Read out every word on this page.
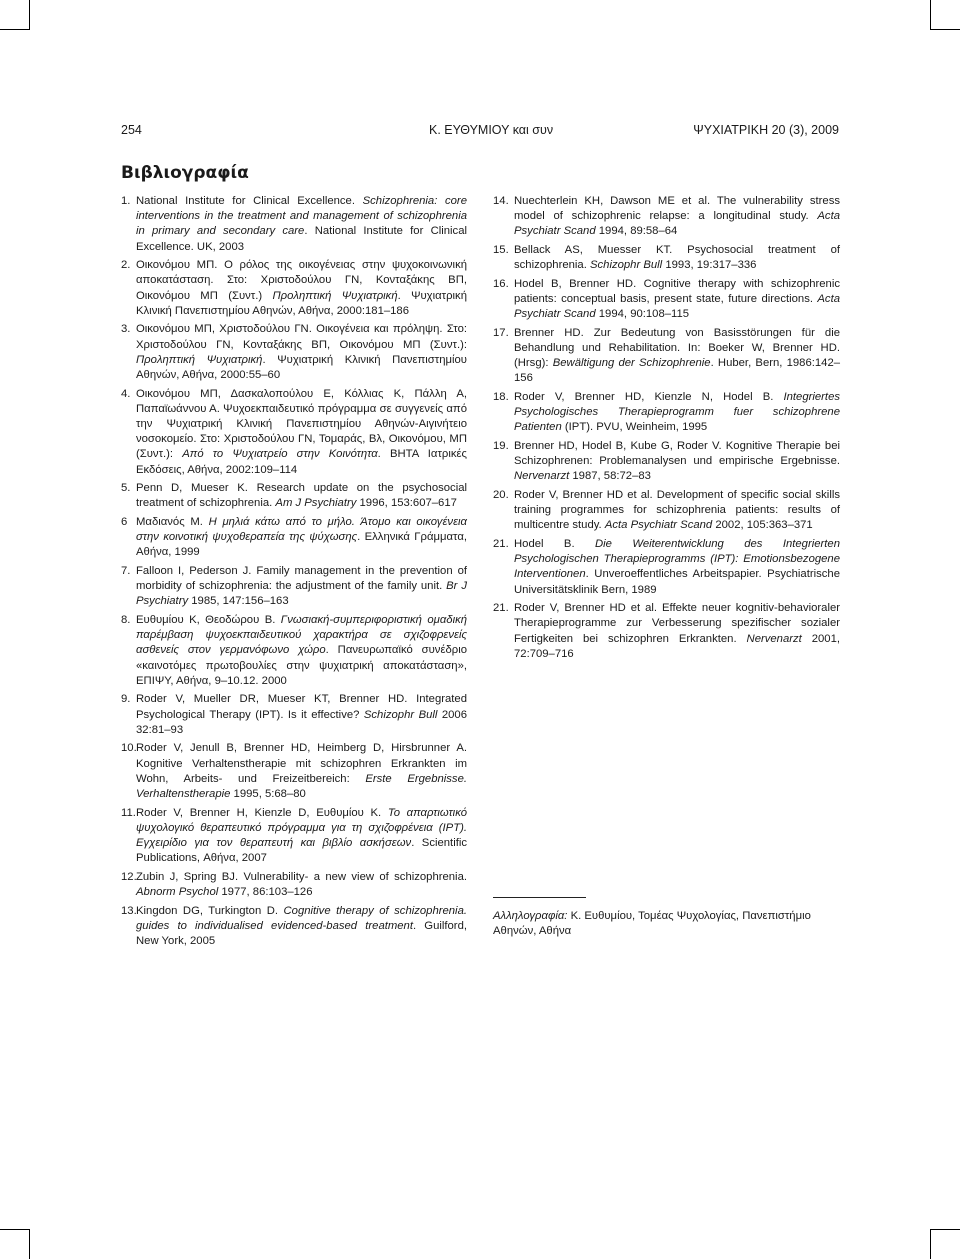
254	Κ. ΕΥΘΥΜΙΟΥ και συν	ΨΥΧΙΑΤΡΙΚΗ 20 (3), 2009
Βιβλιογραφία
1. National Institute for Clinical Excellence. Schizophrenia: core interventions in the treatment and management of schizophrenia in primary and secondary care. National Institute for Clinical Excellence. UK, 2003
2. Οικονόμου ΜΠ. Ο ρόλος της οικογένειας στην ψυχοκοινωνική αποκατάσταση. Στο: Χριστοδούλου ΓΝ, Κονταξάκης ΒΠ, Οικονόμου ΜΠ (Συντ.) Προληπτική Ψυχιατρική. Ψυχιατρική Κλινική Πανεπιστημίου Αθηνών, Αθήνα, 2000:181–186
3. Οικονόμου ΜΠ, Χριστοδούλου ΓΝ. Οικογένεια και πρόληψη. Στο: Χριστοδούλου ΓΝ, Κονταξάκης ΒΠ, Οικονόμου ΜΠ (Συντ.): Προληπτική Ψυχιατρική. Ψυχιατρική Κλινική Πανεπιστημίου Αθηνών, Αθήνα, 2000:55–60
4. Οικονόμου ΜΠ, Δασκαλοπούλου Ε, Κόλλιας Κ, Πάλλη Α, Παπαϊωάννου Α. Ψυχοεκπαιδευτικό πρόγραμμα σε συγγενείς από την Ψυχιατρική Κλινική Πανεπιστημίου Αθηνών-Αιγινήτειο νοσοκομείο. Στο: Χριστοδούλου ΓΝ, Τομαράς, Βλ, Οικονόμου, ΜΠ (Συντ.): Από το Ψυχιατρείο στην Κοινότητα. ΒΗΤΑ Ιατρικές Εκδόσεις, Αθήνα, 2002:109–114
5. Penn D, Mueser K. Research update on the psychosocial treatment of schizophrenia. Am J Psychiatry 1996, 153:607–617
6 Μαδιανός Μ. Η μηλιά κάτω από το μήλο. Άτομο και οικογένεια στην κοινοτική ψυχοθεραπεία της ψύχωσης. Ελληνικά Γράμματα, Αθήνα, 1999
7. Falloon I, Pederson J. Family management in the prevention of morbidity of schizophrenia: the adjustment of the family unit. Br J Psychiatry 1985, 147:156–163
8. Ευθυμίου Κ, Θεοδώρου Β. Γνωσιακή-συμπεριφοριστική ομαδική παρέμβαση ψυχοεκπαιδευτικού χαρακτήρα σε σχιζοφρενείς ασθενείς στον γερμανόφωνο χώρο. Πανευρωπαϊκό συνέδριο «καινοτόμες πρωτοβουλίες στην ψυχιατρική αποκατάσταση», ΕΠΙΨΥ, Αθήνα, 9–10.12. 2000
9. Roder V, Mueller DR, Mueser KT, Brenner HD. Integrated Psychological Therapy (IPT). Is it effective? Schizophr Bull 2006 32:81–93
10. Roder V, Jenull B, Brenner HD, Heimberg D, Hirsbrunner A. Kognitive Verhaltenstherapie mit schizophren Erkrankten im Wohn, Arbeits- und Freizeitbereich: Erste Ergebnisse. Verhaltenstherapie 1995, 5:68–80
11. Roder V, Brenner H, Kienzle D, Ευθυμίου Κ. Το απαρτιωτικό ψυχολογικό θεραπευτικό πρόγραμμα για τη σχιζοφρένεια (IPT). Εγχειρίδιο για τον θεραπευτή και βιβλίο ασκήσεων. Scientific Publications, Αθήνα, 2007
12. Zubin J, Spring BJ. Vulnerability- a new view of schizophrenia. Abnorm Psychol 1977, 86:103–126
13. Kingdon DG, Turkington D. Cognitive therapy of schizophrenia. guides to individualised evidenced-based treatment. Guilford, New York, 2005
14. Nuechterlein KH, Dawson ME et al. The vulnerability stress model of schizophrenic relapse: a longitudinal study. Acta Psychiatr Scand 1994, 89:58–64
15. Bellack AS, Muesser KT. Psychosocial treatment of schizophrenia. Schizophr Bull 1993, 19:317–336
16. Hodel B, Brenner HD. Cognitive therapy with schizophrenic patients: conceptual basis, present state, future directions. Acta Psychiatr Scand 1994, 90:108–115
17. Brenner HD. Zur Bedeutung von Basisstörungen für die Behandlung und Rehabilitation. In: Boeker W, Brenner HD. (Hrsg): Bewältigung der Schizophrenie. Huber, Bern, 1986:142–156
18. Roder V, Brenner HD, Kienzle N, Hodel B. Integriertes Psychologisches Therapieprogramm fuer schizophrene Patienten (IPT). PVU, Weinheim, 1995
19. Brenner HD, Hodel B, Kube G, Roder V. Kognitive Therapie bei Schizophrenen: Problemanalysen und empirische Ergebnisse. Nervenarzt 1987, 58:72–83
20. Roder V, Brenner HD et al. Development of specific social skills training programmes for schizophrenia patients: results of multicentre study. Acta Psychiatr Scand 2002, 105:363–371
21. Hodel B. Die Weiterentwicklung des Integrierten Psychologischen Therapieprogramms (IPT): Emotionsbezogene Interventionen. Unveroeffentliches Arbeitspapier. Psychiatrische Universitätsklinik Bern, 1989
21. Roder V, Brenner HD et al. Effekte neuer kognitiv-behavioraler Therapieprogramme zur Verbesserung spezifischer sozialer Fertigkeiten bei schizophren Erkrankten. Nervenarzt 2001, 72:709–716
Αλληλογραφία: Κ. Ευθυμίου, Τομέας Ψυχολογίας, Πανεπιστήμιο Αθηνών, Αθήνα
